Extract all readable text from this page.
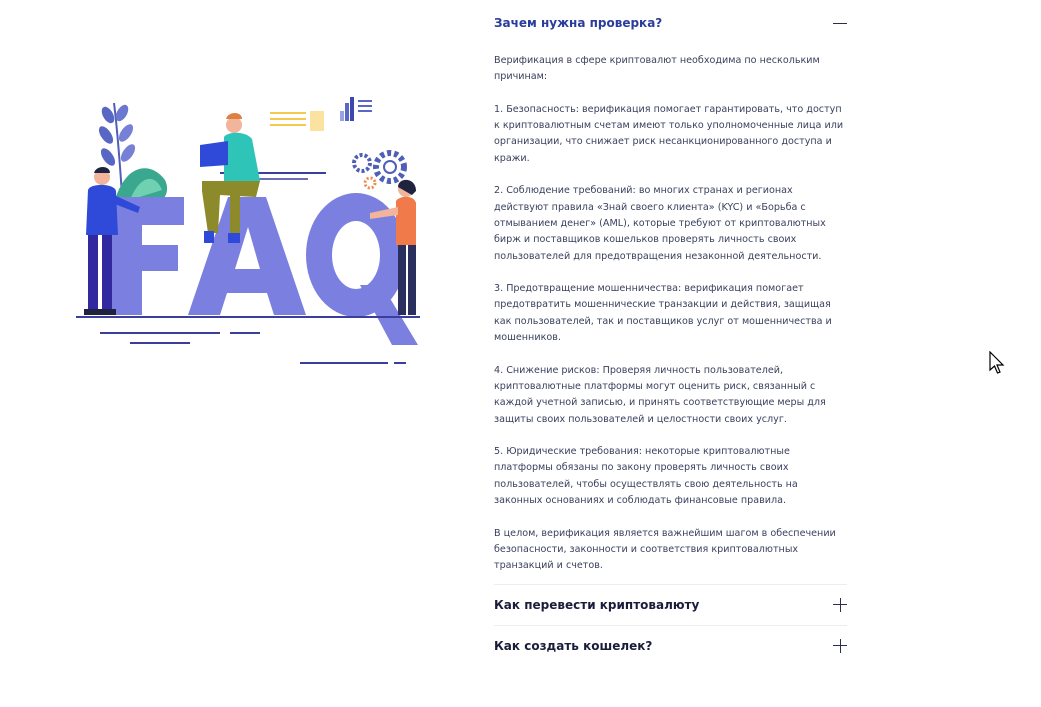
Зачем нужна проверка?

Верификация в сфере криптовалют необходима по нескольким причинам:

1. Безопасность: верификация помогает гарантировать, что доступ к криптовалютным счетам имеют только уполномоченные лица или организации, что снижает риск несанкционированного доступа и кражи.

2. Соблюдение требований: во многих странах и регионах действуют правила «Знай своего клиента» (KYC) и «Борьба с отмыванием денег» (AML), которые требуют от криптовалютных бирж и поставщиков кошельков проверять личность своих пользователей для предотвращения незаконной деятельности.

3. Предотвращение мошенничества: верификация помогает предотвратить мошеннические транзакции и действия, защищая как пользователей, так и поставщиков услуг от мошенничества и мошенников.

4. Снижение рисков: Проверяя личность пользователей, криптовалютные платформы могут оценить риск, связанный с каждой учетной записью, и принять соответствующие меры для защиты своих пользователей и целостности своих услуг.

5. Юридические требования: некоторые криптовалютные платформы обязаны по закону проверять личность своих пользователей, чтобы осуществлять свою деятельность на законных основаниях и соблюдать финансовые правила.

В целом, верификация является важнейшим шагом в обеспечении безопасности, законности и соответствия криптовалютных транзакций и счетов.

Как перевести криптовалюту
Как создать кошелек?
